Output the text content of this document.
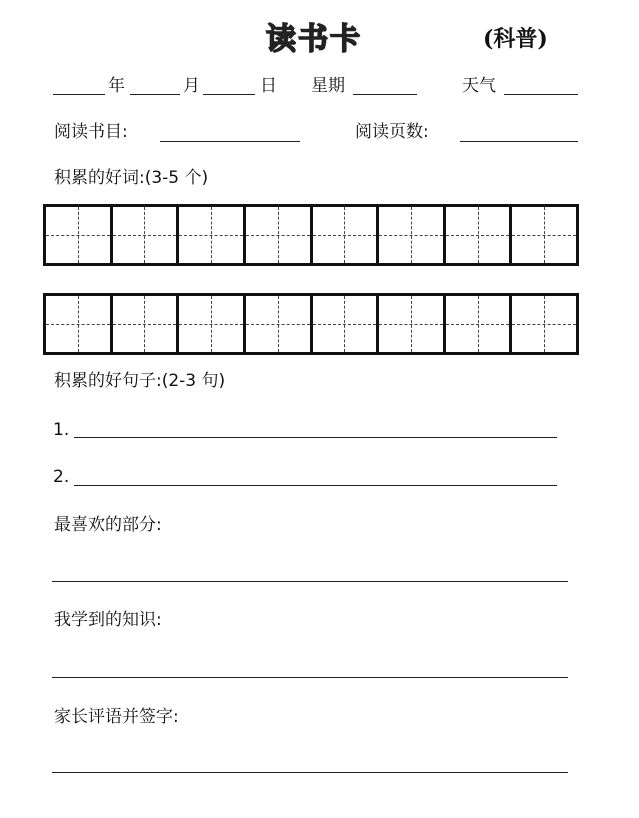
读书卡	(科普)
年	月	日 星期	天气
阅读书目:	阅读页数:
积累的好词:(3-5 个)
积累的好句子:(2-3 句)
1.
2.
最喜欢的部分:
我学到的知识:
家长评语并签字:
